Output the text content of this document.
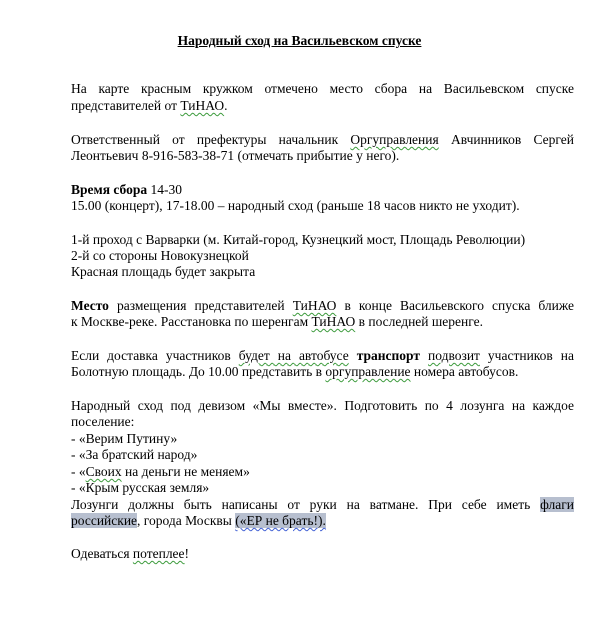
Народный сход на Васильевском спуске
На карте красным кружком отмечено место сбора на Васильевском спуске
представителей от ТиНАО.
Ответственный от префектуры начальник Оргуправления Авчинников Сергей
Леонтьевич 8-916-583-38-71 (отмечать прибытие у него).
Время сбора 14-30
15.00 (концерт), 17-18.00 – народный сход (раньше 18 часов никто не уходит).
1-й проход с Варварки (м. Китай-город, Кузнецкий мост, Площадь Революции)
2-й со стороны Новокузнецкой
Красная площадь будет закрыта
Место размещения представителей ТиНАО в конце Васильевского спуска ближе
к Москве-реке. Расстановка по шеренгам ТиНАО в последней шеренге.
Если доставка участников будет на автобусе транспорт подвозит участников на
Болотную площадь. До 10.00 представить в оргуправление номера автобусов.
Народный сход под девизом «Мы вместе». Подготовить по 4 лозунга на каждое
поселение:
- «Верим Путину»
- «За братский народ»
- «Своих на деньги не меняем»
- «Крым русская земля»
Лозунги должны быть написаны от руки на ватмане. При себе иметь флаги
российские, города Москвы («ЕР не брать!).
Одеваться потеплее!
